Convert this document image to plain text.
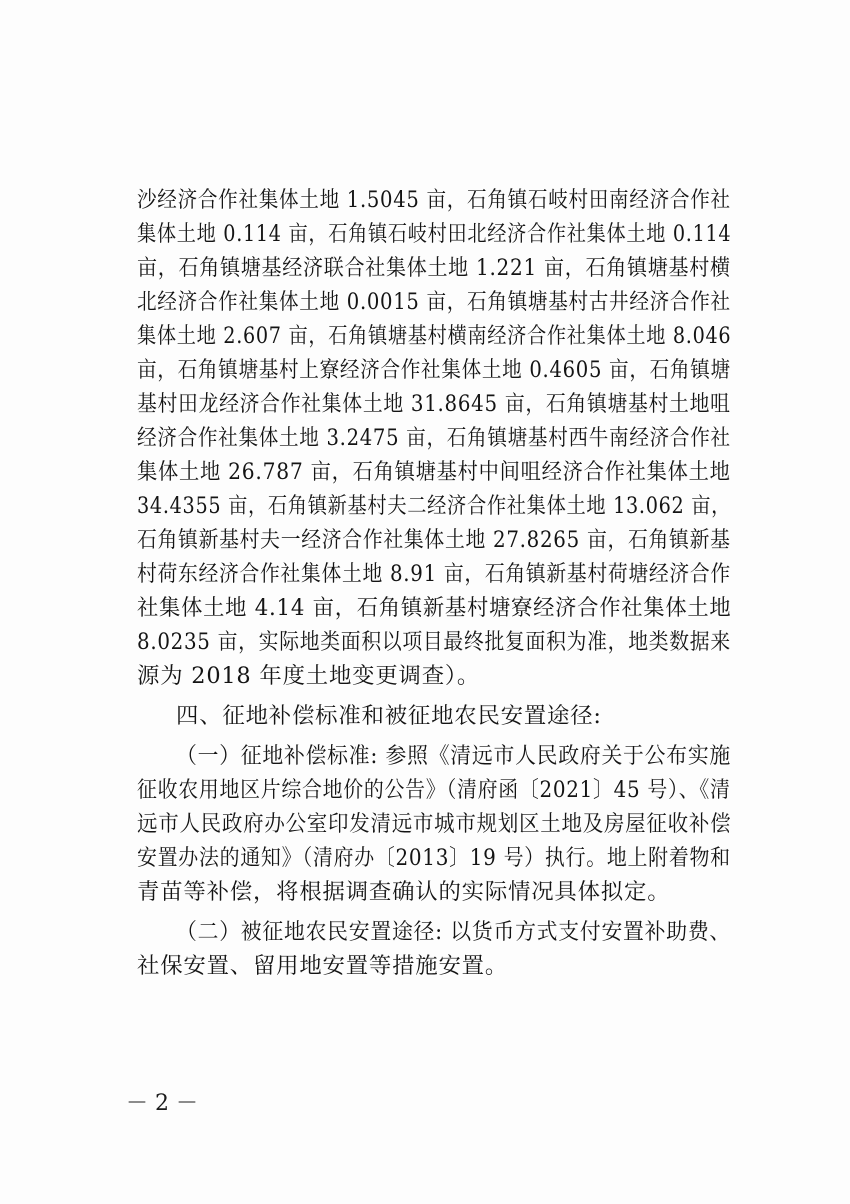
沙经济合作社集体土地 1.5045 亩，石角镇石岐村田南经济合作社
集体土地 0.114 亩，石角镇石岐村田北经济合作社集体土地 0.114
亩，石角镇塘基经济联合社集体土地 1.221 亩，石角镇塘基村横
北经济合作社集体土地 0.0015 亩，石角镇塘基村古井经济合作社
集体土地 2.607 亩，石角镇塘基村横南经济合作社集体土地 8.046
亩，石角镇塘基村上寮经济合作社集体土地 0.4605 亩，石角镇塘
基村田龙经济合作社集体土地 31.8645 亩，石角镇塘基村土地咀
经济合作社集体土地 3.2475 亩，石角镇塘基村西牛南经济合作社
集体土地 26.787 亩，石角镇塘基村中间咀经济合作社集体土地
34.4355 亩，石角镇新基村夫二经济合作社集体土地 13.062 亩，
石角镇新基村夫一经济合作社集体土地 27.8265 亩，石角镇新基
村荷东经济合作社集体土地 8.91 亩，石角镇新基村荷塘经济合作
社集体土地 4.14 亩，石角镇新基村塘寮经济合作社集体土地
8.0235 亩，实际地类面积以项目最终批复面积为准，地类数据来
源为 2018 年度土地变更调查）。
四、征地补偿标准和被征地农民安置途径:
（一）征地补偿标准: 参照《清远市人民政府关于公布实施
征收农用地区片综合地价的公告》（清府函〔2021〕45 号）、《清
远市人民政府办公室印发清远市城市规划区土地及房屋征收补偿
安置办法的通知》（清府办〔2013〕19 号）执行。地上附着物和
青苗等补偿，将根据调查确认的实际情况具体拟定。
（二）被征地农民安置途径: 以货币方式支付安置补助费、
社保安置、留用地安置等措施安置。
－ 2 －
